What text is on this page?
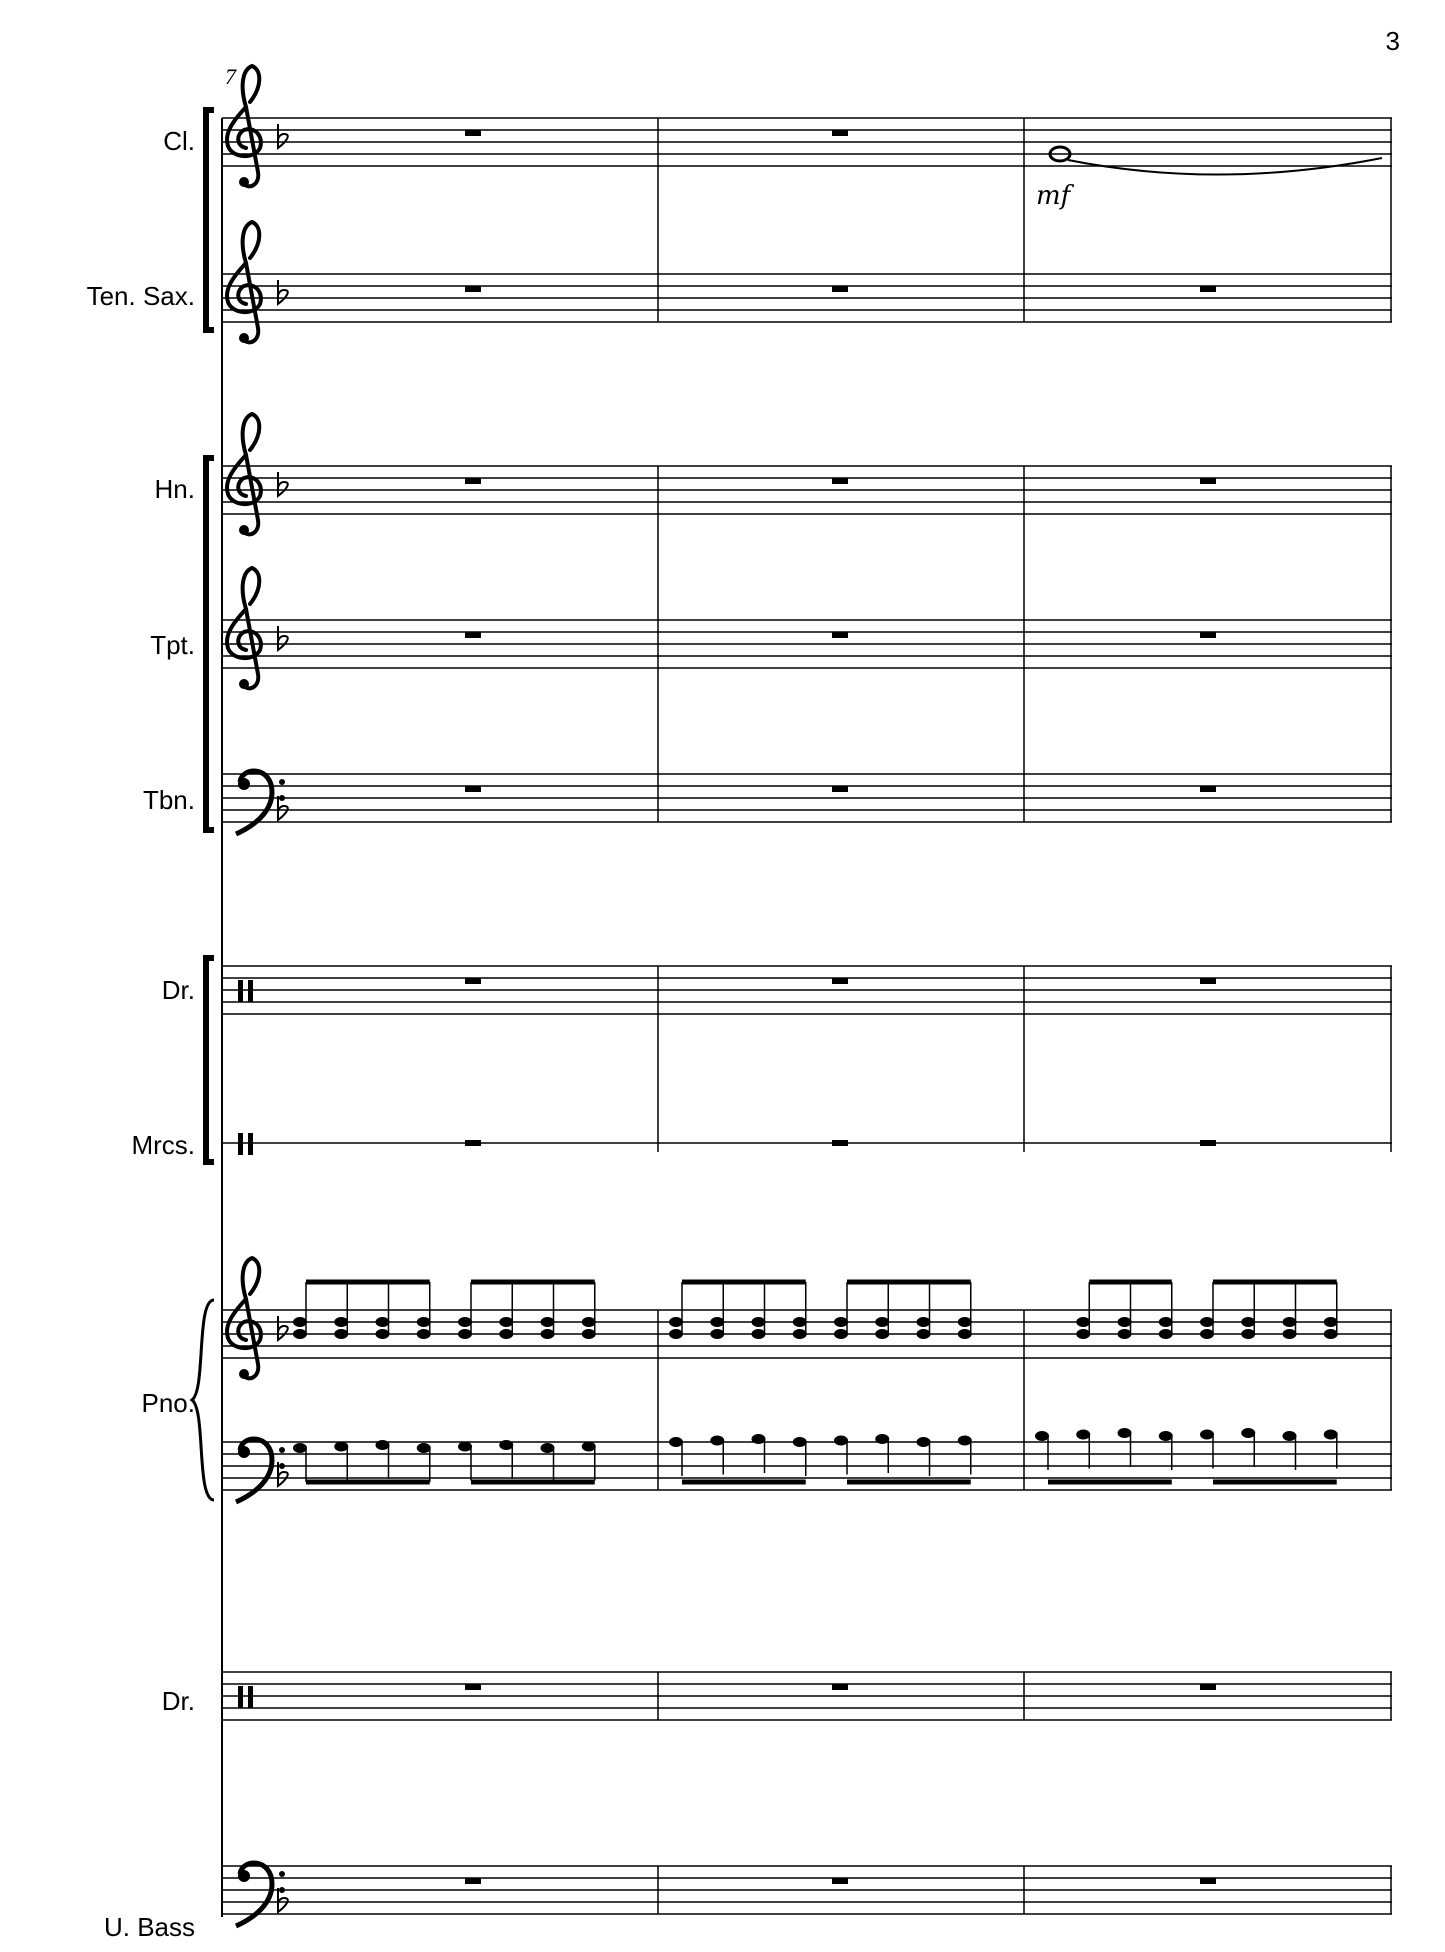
3
7
Cl.
Ten. Sax.
Hn.
Tpt.
Tbn.
Dr.
Mrcs.
Pno.
Dr.
U. Bass
mf
